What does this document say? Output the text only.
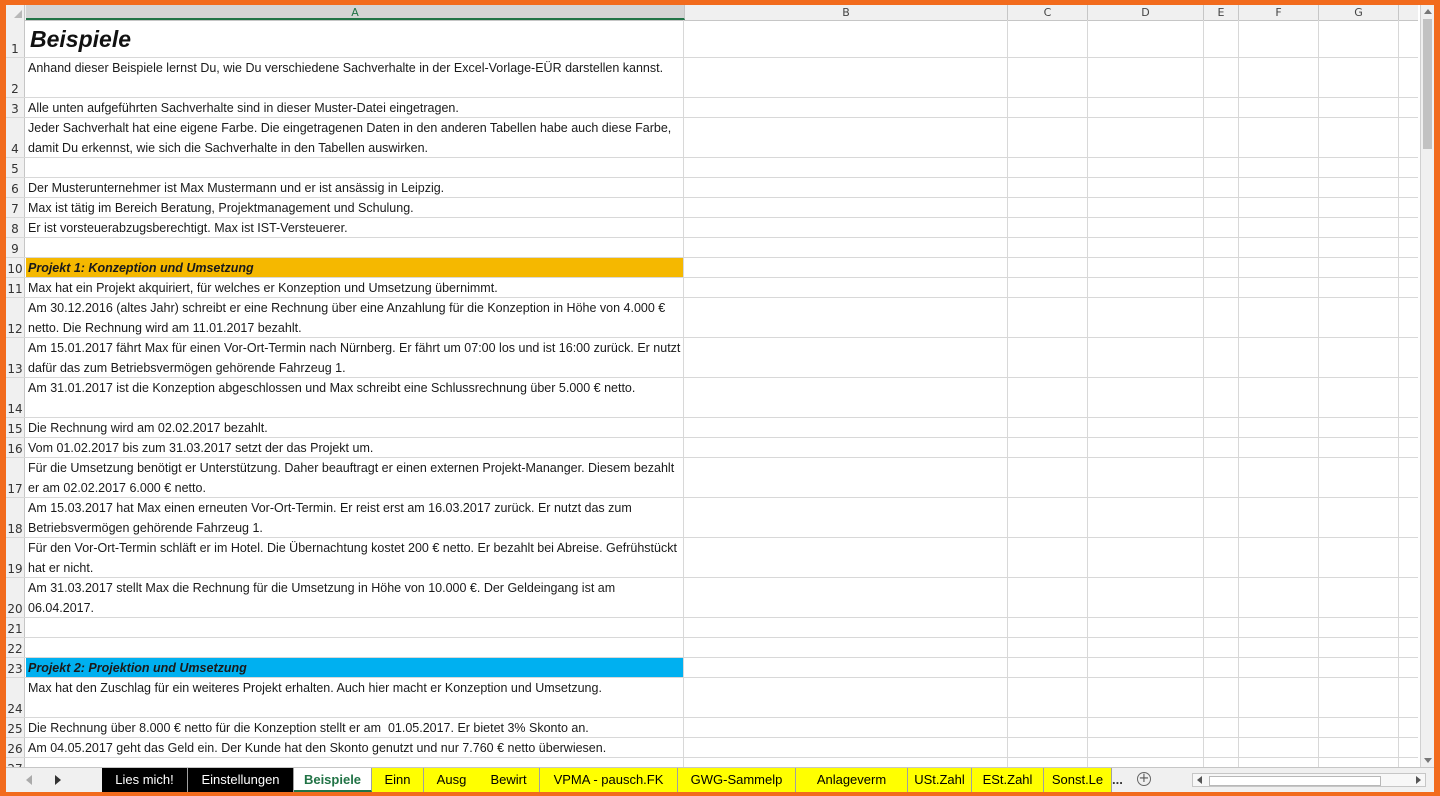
A	B	C	D	E	F	G
1 Beispiele
2
Anhand dieser Beispiele lernst Du, wie Du verschiedene Sachverhalte in der Excel-Vorlage-EÜR darstellen kannst.
3 Alle unten aufgeführten Sachverhalte sind in dieser Muster-Datei eingetragen.
4
Jeder Sachverhalt hat eine eigene Farbe. Die eingetragenen Daten in den anderen Tabellen habe auch diese Farbe, damit Du erkennst, wie sich die Sachverhalte in den Tabellen auswirken.
5
6 Der Musterunternehmer ist Max Mustermann und er ist ansässig in Leipzig.
7 Max ist tätig im Bereich Beratung, Projektmanagement und Schulung.
8 Er ist vorsteuerabzugsberechtigt. Max ist IST-Versteuerer.
9
10 Projekt 1: Konzeption und Umsetzung
11 Max hat ein Projekt akquiriert, für welches er Konzeption und Umsetzung übernimmt.
12
Am 30.12.2016 (altes Jahr) schreibt er eine Rechnung über eine Anzahlung für die Konzeption in Höhe von 4.000 € netto. Die Rechnung wird am 11.01.2017 bezahlt.
13
Am 15.01.2017 fährt Max für einen Vor-Ort-Termin nach Nürnberg. Er fährt um 07:00 los und ist 16:00 zurück. Er nutzt dafür das zum Betriebsvermögen gehörende Fahrzeug 1.
14
Am 31.01.2017 ist die Konzeption abgeschlossen und Max schreibt eine Schlussrechnung über 5.000 € netto.
15 Die Rechnung wird am 02.02.2017 bezahlt.
16 Vom 01.02.2017 bis zum 31.03.2017 setzt der das Projekt um.
17
Für die Umsetzung benötigt er Unterstützung. Daher beauftragt er einen externen Projekt-Mananger. Diesem bezahlt er am 02.02.2017 6.000 € netto.
18
Am 15.03.2017 hat Max einen erneuten Vor-Ort-Termin. Er reist erst am 16.03.2017 zurück. Er nutzt das zum Betriebsvermögen gehörende Fahrzeug 1.
19
Für den Vor-Ort-Termin schläft er im Hotel. Die Übernachtung kostet 200 € netto. Er bezahlt bei Abreise. Gefrühstückt hat er nicht.
20
Am 31.03.2017 stellt Max die Rechnung für die Umsetzung in Höhe von 10.000 €. Der Geldeingang ist am 06.04.2017.
21
22
23 Projekt 2: Projektion und Umsetzung
24
Max hat den Zuschlag für ein weiteres Projekt erhalten. Auch hier macht er Konzeption und Umsetzung.
25 Die Rechnung über 8.000 € netto für die Konzeption stellt er am  01.05.2017. Er bietet 3% Skonto an.
26 Am 04.05.2017 geht das Geld ein. Der Kunde hat den Skonto genutzt und nur 7.760 € netto überwiesen.
Lies mich!	Einstellungen	Beispiele	Einn	Ausg	Bewirt	VPMA - pausch.FK	GWG-Sammelp	Anlageverm	USt.Zahl	ESt.Zahl	Sonst.Le ... +
